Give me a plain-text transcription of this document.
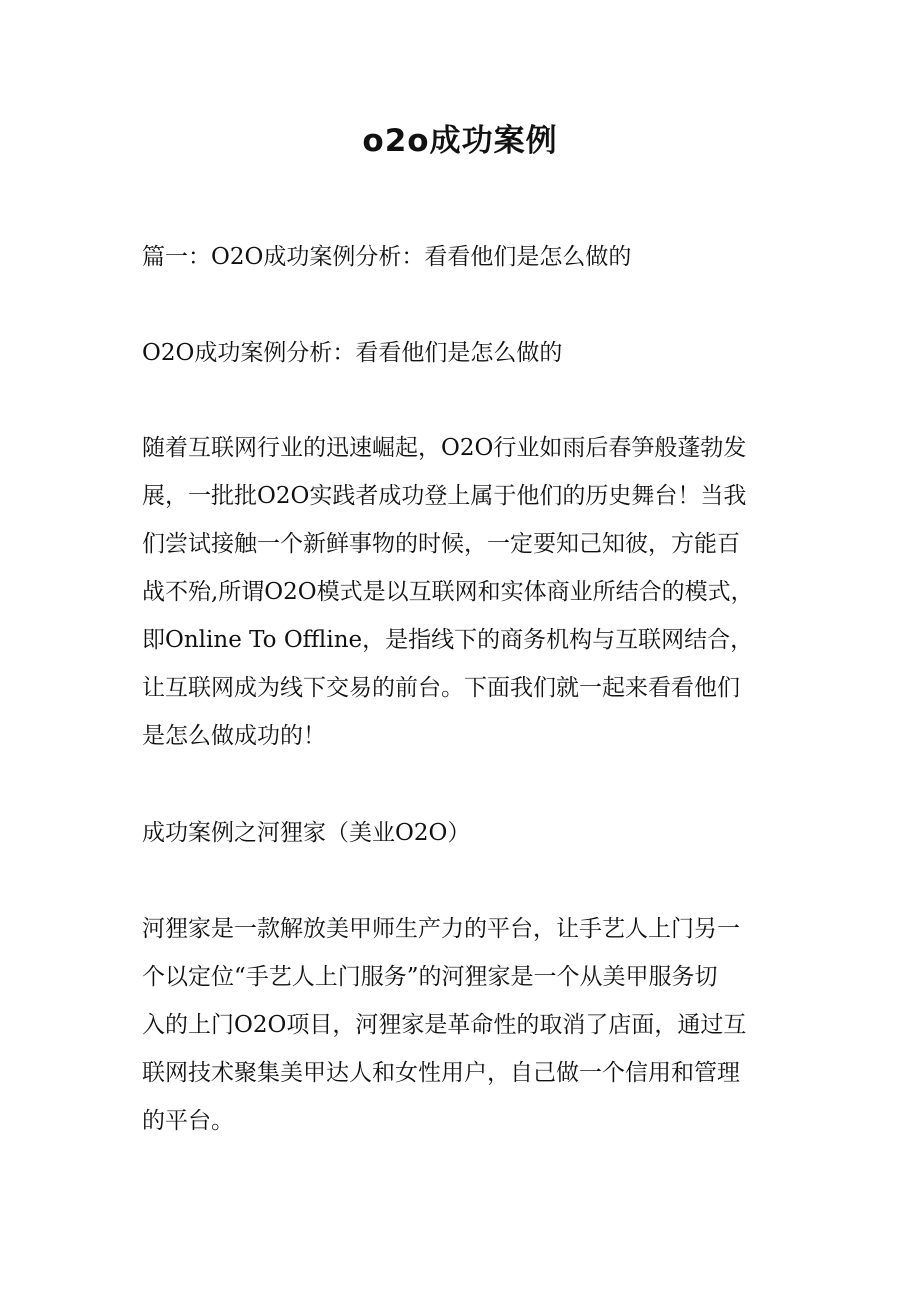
o2o成功案例
篇一：O2O成功案例分析：看看他们是怎么做的
O2O成功案例分析：看看他们是怎么做的
随着互联网行业的迅速崛起，O2O行业如雨后春笋般蓬勃发
展，一批批O2O实践者成功登上属于他们的历史舞台！当我
们尝试接触一个新鲜事物的时候，一定要知己知彼，方能百
战不殆,所谓O2O模式是以互联网和实体商业所结合的模式，
即Online To Offline，是指线下的商务机构与互联网结合，
让互联网成为线下交易的前台。下面我们就一起来看看他们
是怎么做成功的！
成功案例之河狸家（美业O2O）
河狸家是一款解放美甲师生产力的平台，让手艺人上门另一
个以定位“手艺人上门服务”的河狸家是一个从美甲服务切
入的上门O2O项目，河狸家是革命性的取消了店面，通过互
联网技术聚集美甲达人和女性用户，自己做一个信用和管理
的平台。
